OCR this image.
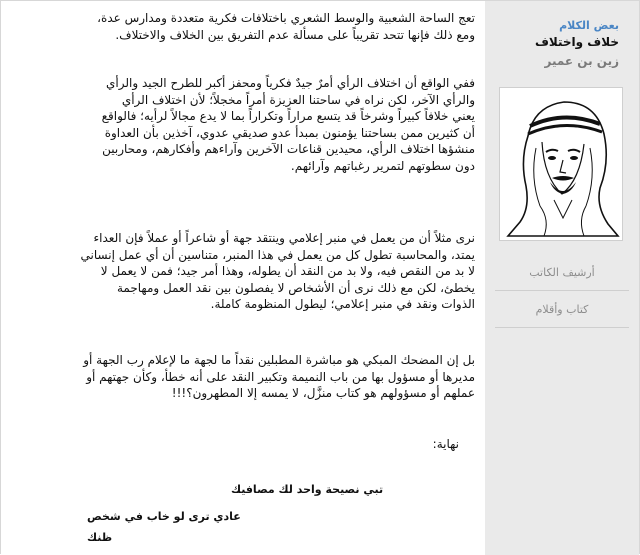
بعض الكلام
خلاف واختلاف
زين بن عمير
أرشيف الكاتب
كتاب وأقلام
تعج الساحة الشعبية والوسط الشعري باختلافات فكرية متعددة ومدارس عدة،
ومع ذلك فإنها تتحد تقريباً على مسألة عدم التفريق بين الخلاف والاختلاف.
ففي الواقع أن اختلاف الرأي أمرٌ جيدٌ فكرياً ومحفز أكبر للطرح الجيد والرأي
والرأي الآخر، لكن نراه في ساحتنا العزيزة أمراً مخجلاً؛ لأن اختلاف الرأي
يعني خلافاً كبيراً وشرخاً قد يتسع مراراً وتكراراً بما لا يدع مجالاً لرأيه؛ فالواقع
أن كثيرين ممن بساحتنا يؤمنون بمبدأ عدو صديقي عدوي، آخذين بأن العداوة
منشؤها اختلاف الرأي، محيدين قناعات الآخرين وآراءهم وأفكارهم، ومحاربين
دون سطوتهم لتمرير رغباتهم وآرائهم.
نرى مثلاً أن من يعمل في منبر إعلامي وينتقد جهة أو شاعراً أو عملاً فإن العداء
يمتد، والمحاسبة تطول كل من يعمل في هذا المنبر، متناسين أن أي عمل إنساني
لا بد من النقص فيه، ولا بد من النقد أن يطوله، وهذا أمر جيد؛ فمن لا يعمل لا
يخطئ، لكن مع ذلك نرى أن الأشخاص لا يفصلون بين نقد العمل ومهاجمة
الذوات ونقد في منبر إعلامي؛ ليطول المنظومة كاملة.
بل إن المضحك المبكي هو مباشرة المطبلين نقداً ما لجهة ما لإعلام رب الجهة أو
مديرها أو مسؤول بها من باب النميمة وتكبير النقد على أنه خطأ، وكأن جهتهم أو
عملهم أو مسؤولهم هو كتاب منزَّل، لا يمسه إلا المطهرون؟!!!
نهاية:
تبي نصيحة واحد لك مصافيك
عادي ترى لو خاب في شخص
ظنك
